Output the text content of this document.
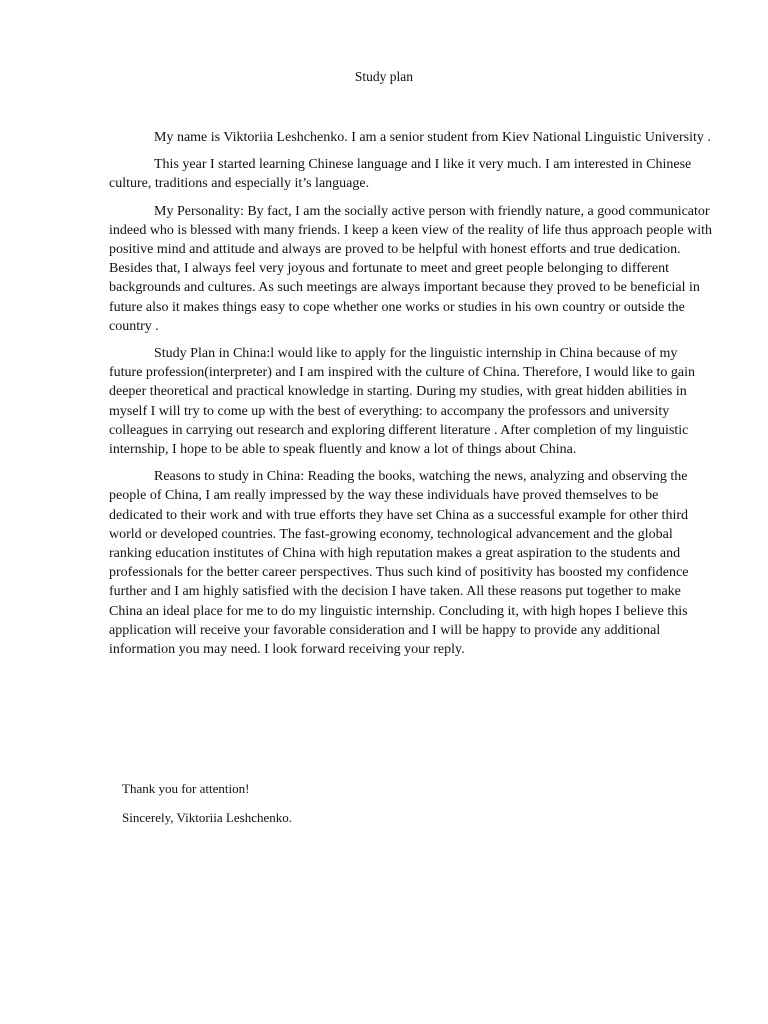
Study plan

My name is Viktoriia Leshchenko. I am a senior student from Kiev National Linguistic University .

This year I started learning Chinese language and I like it very much. I am interested in Chinese culture, traditions and especially it’s language.

My Personality: By fact, I am the socially active person with friendly nature, a good communicator indeed who is blessed with many friends. I keep a keen view of the reality of life thus approach people with positive mind and attitude and always are proved to be helpful with honest efforts and true dedication. Besides that, I always feel very joyous and fortunate to meet and greet people belonging to different backgrounds and cultures. As such meetings are always important because they proved to be beneficial in future also it makes things easy to cope whether one works or studies in his own country or outside the country .

Study Plan in China:l would like to apply for the linguistic internship in China because of my future profession(interpreter) and I am inspired with the culture of China. Therefore, I would like to gain deeper theoretical and practical knowledge in starting. During my studies, with great hidden abilities in myself I will try to come up with the best of everything: to accompany the professors and university colleagues in carrying out research and exploring different literature . After completion of my linguistic internship, I hope to be able to speak fluently and know a lot of things about China.

Reasons to study in China: Reading the books, watching the news, analyzing and observing the people of China, I am really impressed by the way these individuals have proved themselves to be dedicated to their work and with true efforts they have set China as a successful example for other third world or developed countries. The fast-growing economy, technological advancement and the global ranking education institutes of China with high reputation makes a great aspiration to the students and professionals for the better career perspectives. Thus such kind of positivity has boosted my confidence further and I am highly satisfied with the decision I have taken. All these reasons put together to make China an ideal place for me to do my linguistic internship. Concluding it, with high hopes I believe this application will receive your favorable consideration and I will be happy to provide any additional information you may need. I look forward receiving your reply.

Thank you for attention!

Sincerely, Viktoriia Leshchenko.
